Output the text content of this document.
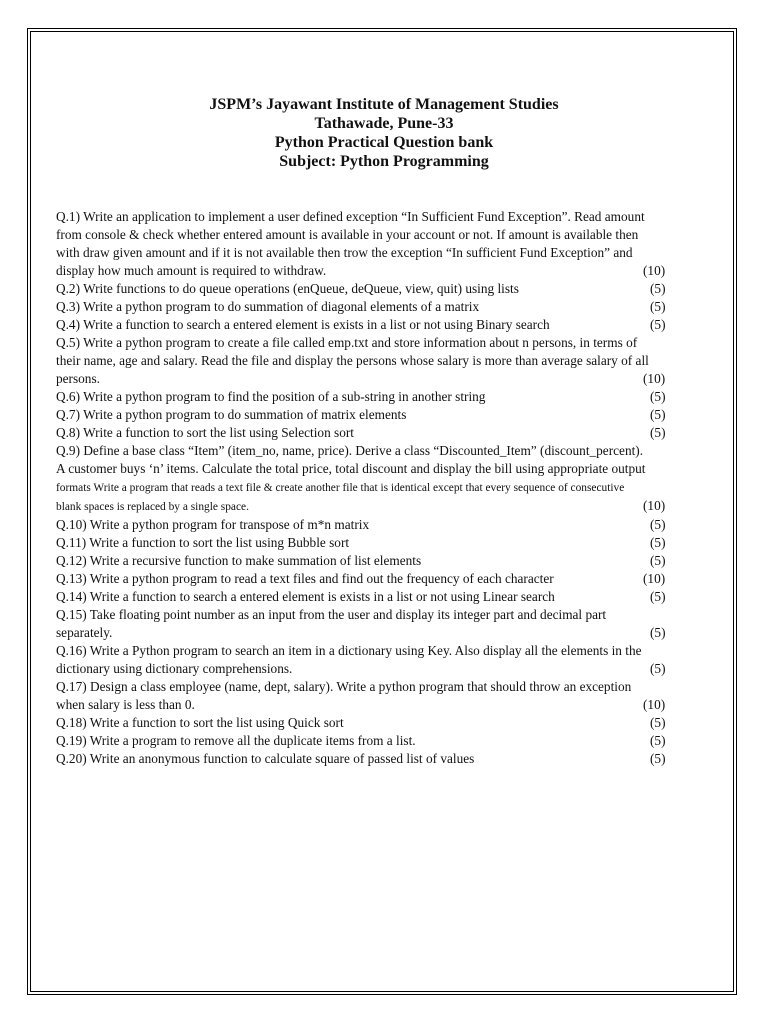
JSPM’s Jayawant Institute of Management Studies
Tathawade, Pune-33
Python Practical Question bank
Subject: Python Programming
Q.1) Write an application to implement a user defined exception “In Sufficient Fund Exception”. Read amount
from console & check whether entered amount is available in your account or not. If amount is available then
with draw given amount and if it is not available then trow the exception “In sufficient Fund Exception” and
display how much amount is required to withdraw.	(10)
Q.2) Write functions to do queue operations (enQueue, deQueue, view, quit) using lists	(5)
Q.3) Write a python program to do summation of diagonal elements of a matrix	(5)
Q.4) Write a function to search a entered element is exists in a list or not using Binary search	(5)
Q.5) Write a python program to create a file called emp.txt and store information about n persons, in terms of
their name, age and salary. Read the file and display the persons whose salary is more than average salary of all
persons.	(10)
Q.6) Write a python program to find the position of a sub-string in another string	(5)
Q.7) Write a python program to do summation of matrix elements	(5)
Q.8) Write a function to sort the list using Selection sort	(5)
Q.9) Define a base class “Item” (item_no, name, price). Derive a class “Discounted_Item” (discount_percent).
A customer buys ‘n’ items. Calculate the total price, total discount and display the bill using appropriate output
formats Write a program that reads a text file & create another file that is identical except that every sequence of consecutive
blank spaces is replaced by a single space.	(10)
Q.10) Write a python program for transpose of m*n matrix	(5)
Q.11) Write a function to sort the list using Bubble sort	(5)
Q.12) Write a recursive function to make summation of list elements	(5)
Q.13) Write a python program to read a text files and find out the frequency of each character	(10)
Q.14) Write a function to search a entered element is exists in a list or not using Linear search	(5)
Q.15) Take floating point number as an input from the user and display its integer part and decimal part
separately.	(5)
Q.16) Write a Python program to search an item in a dictionary using Key. Also display all the elements in the
dictionary using dictionary comprehensions.	(5)
Q.17) Design a class employee (name, dept, salary). Write a python program that should throw an exception
when salary is less than 0.	(10)
Q.18) Write a function to sort the list using Quick sort	(5)
Q.19) Write a program to remove all the duplicate items from a list.	(5)
Q.20) Write an anonymous function to calculate square of passed list of values	(5)
